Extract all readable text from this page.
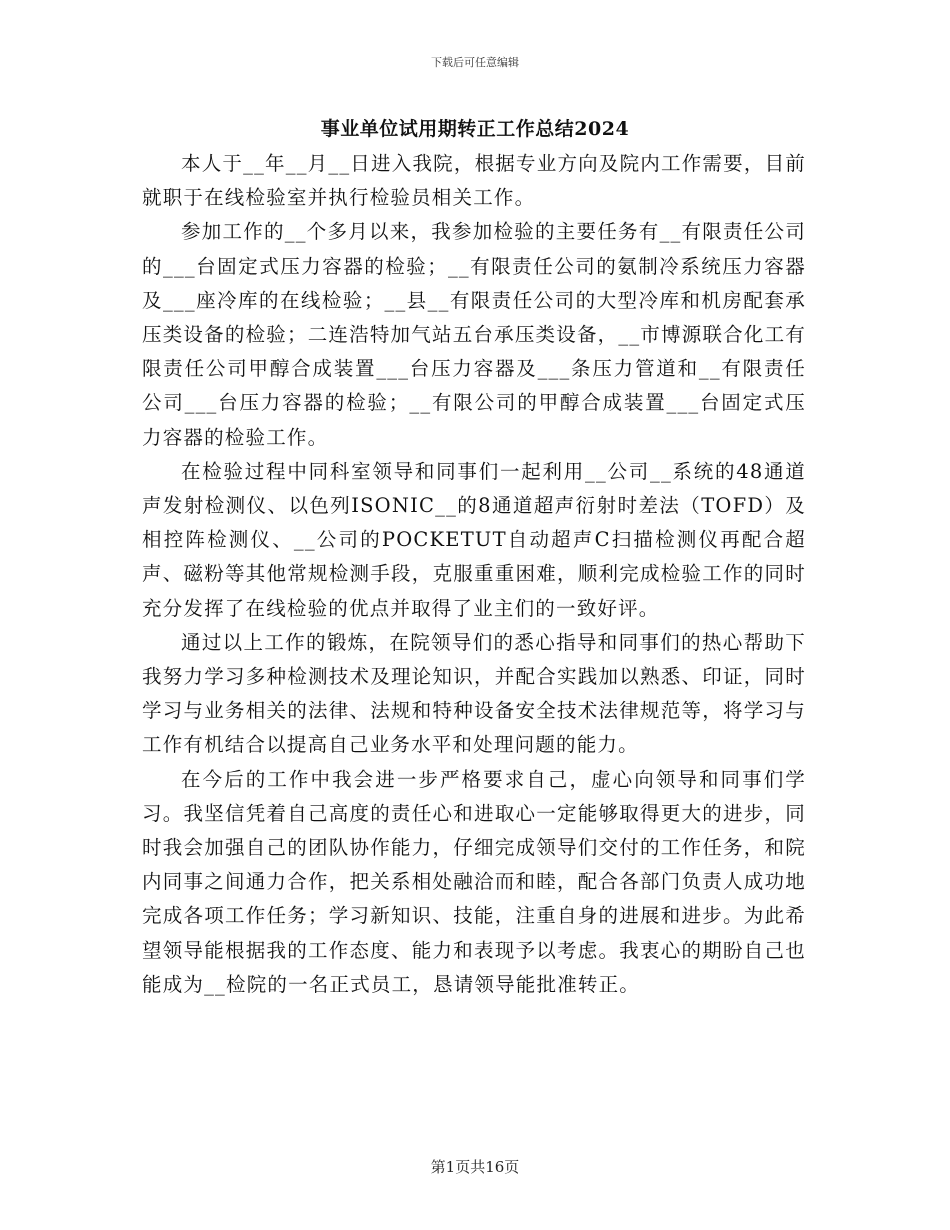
下载后可任意编辑
事业单位试用期转正工作总结2024

本人于__年__月__日进入我院，根据专业方向及院内工作需要，目前就职于在线检验室并执行检验员相关工作。

参加工作的__个多月以来，我参加检验的主要任务有__有限责任公司的___台固定式压力容器的检验；__有限责任公司的氨制冷系统压力容器及___座冷库的在线检验；__县__有限责任公司的大型冷库和机房配套承压类设备的检验；二连浩特加气站五台承压类设备，__市博源联合化工有限责任公司甲醇合成装置___台压力容器及___条压力管道和__有限责任公司___台压力容器的检验；__有限公司的甲醇合成装置___台固定式压力容器的检验工作。

在检验过程中同科室领导和同事们一起利用__公司__系统的48通道声发射检测仪、以色列ISONIC__的8通道超声衍射时差法（TOFD）及相控阵检测仪、__公司的POCKETUT自动超声C扫描检测仪再配合超声、磁粉等其他常规检测手段，克服重重困难，顺利完成检验工作的同时充分发挥了在线检验的优点并取得了业主们的一致好评。

通过以上工作的锻炼，在院领导们的悉心指导和同事们的热心帮助下我努力学习多种检测技术及理论知识，并配合实践加以熟悉、印证，同时学习与业务相关的法律、法规和特种设备安全技术法律规范等，将学习与工作有机结合以提高自己业务水平和处理问题的能力。

在今后的工作中我会进一步严格要求自己，虚心向领导和同事们学习。我坚信凭着自己高度的责任心和进取心一定能够取得更大的进步，同时我会加强自己的团队协作能力，仔细完成领导们交付的工作任务，和院内同事之间通力合作，把关系相处融洽而和睦，配合各部门负责人成功地完成各项工作任务；学习新知识、技能，注重自身的进展和进步。为此希望领导能根据我的工作态度、能力和表现予以考虑。我衷心的期盼自己也能成为__检院的一名正式员工，恳请领导能批准转正。

第1页共16页
